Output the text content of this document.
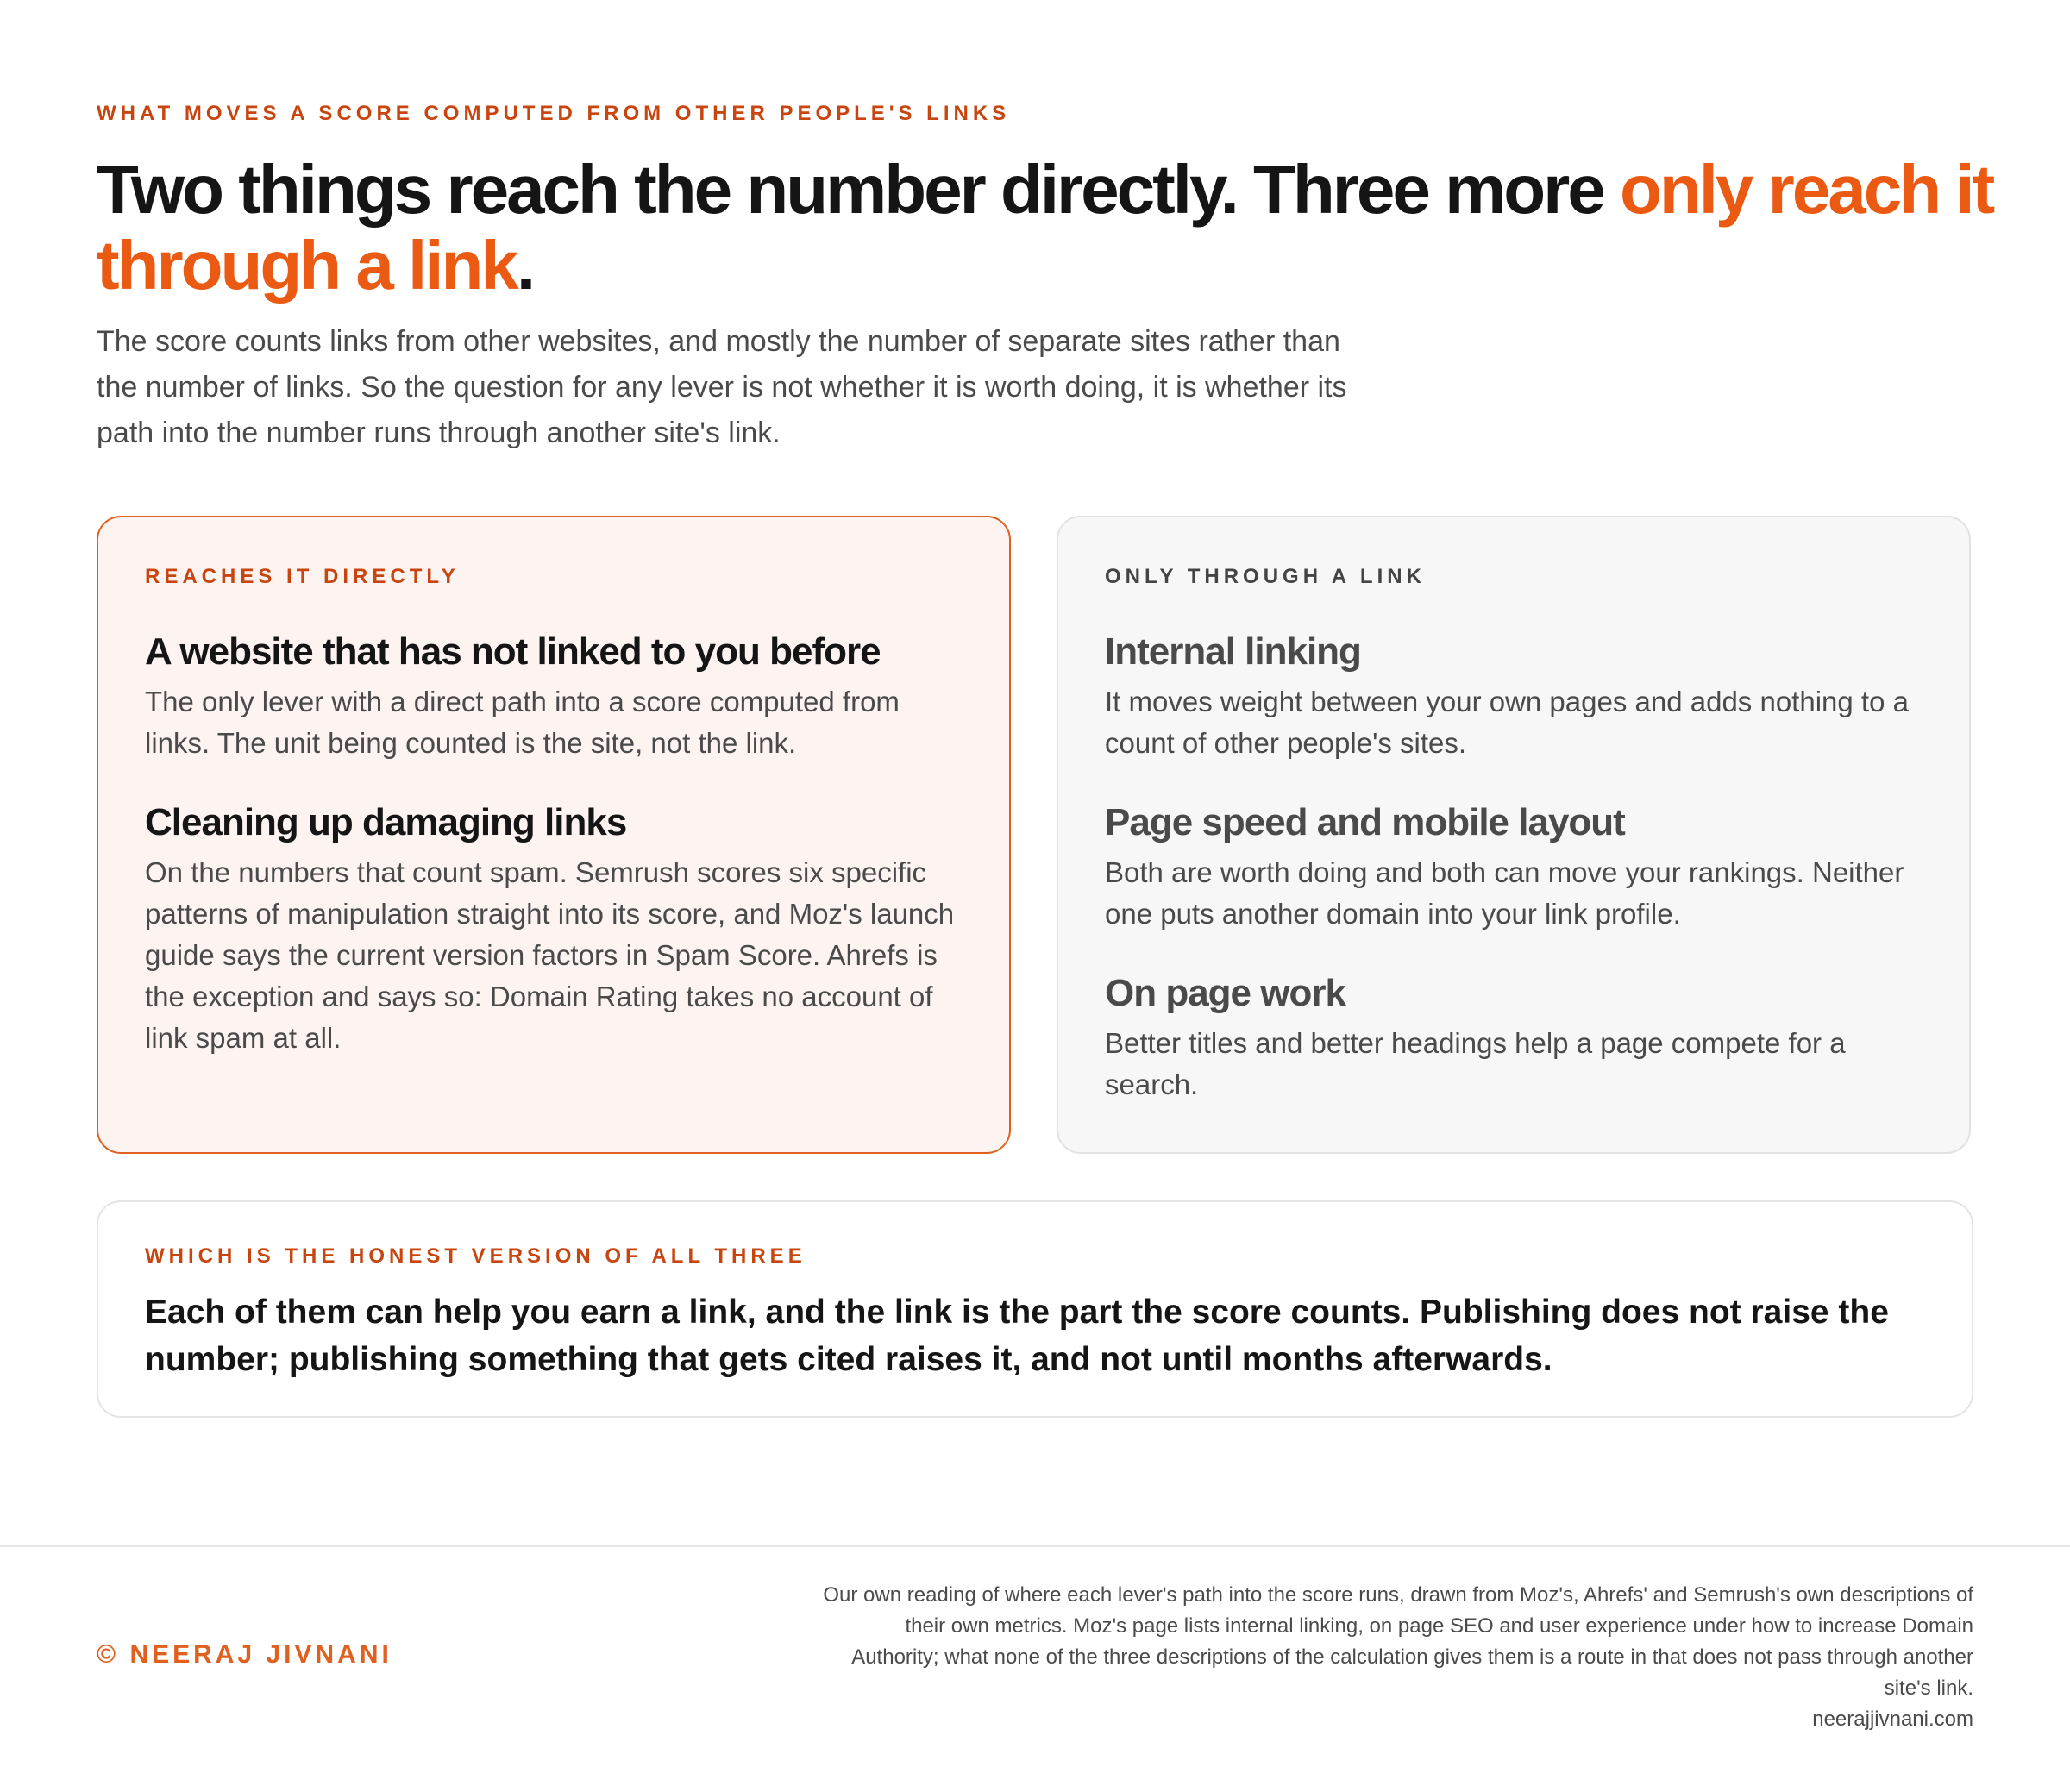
WHAT MOVES A SCORE COMPUTED FROM OTHER PEOPLE'S LINKS
Two things reach the number directly. Three more only reach it through a link.

The score counts links from other websites, and mostly the number of separate sites rather than the number of links. So the question for any lever is not whether it is worth doing, it is whether its path into the number runs through another site's link.

REACHES IT DIRECTLY
A website that has not linked to you before

The only lever with a direct path into a score computed from links. The unit being counted is the site, not the link.

Cleaning up damaging links

On the numbers that count spam. Semrush scores six specific patterns of manipulation straight into its score, and Moz's launch guide says the current version factors in Spam Score. Ahrefs is the exception and says so: Domain Rating takes no account of link spam at all.

ONLY THROUGH A LINK
Internal linking

It moves weight between your own pages and adds nothing to a count of other people's sites.

Page speed and mobile layout

Both are worth doing and both can move your rankings. Neither one puts another domain into your link profile.

On page work

Better titles and better headings help a page compete for a search.

WHICH IS THE HONEST VERSION OF ALL THREE

Each of them can help you earn a link, and the link is the part the score counts. Publishing does not raise the number; publishing something that gets cited raises it, and not until months afterwards.

© NEERAJ JIVNANI

Our own reading of where each lever's path into the score runs, drawn from Moz's, Ahrefs' and Semrush's own descriptions of their own metrics. Moz's page lists internal linking, on page SEO and user experience under how to increase Domain Authority; what none of the three descriptions of the calculation gives them is a route in that does not pass through another site's link.

neerajjivnani.com
